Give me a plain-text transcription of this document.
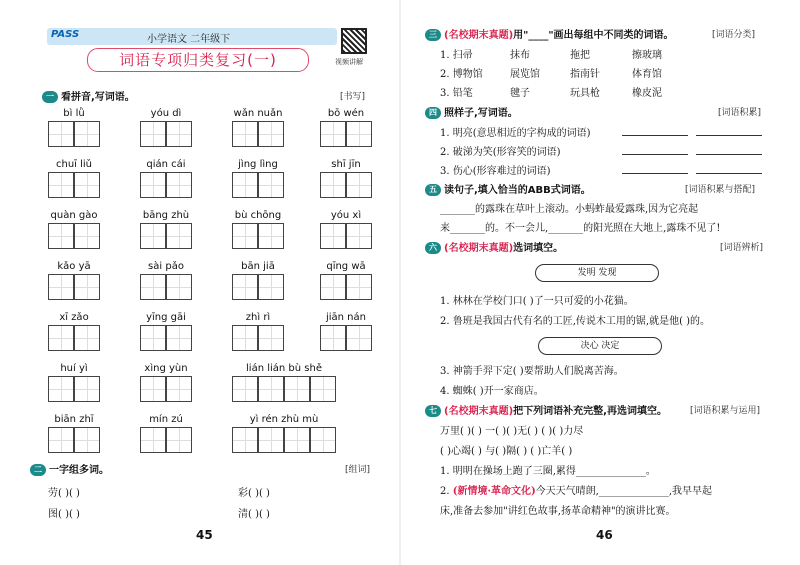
PASS	小学语文 二年级下
视频讲解
词语专项归类复习(一)
一 看拼音,写词语。	[书写]
二 一字组多词。	[组词]
劳( )( )	彩( )( )
图( )( )	清( )( )
45
bì lǜ	yóu dì	wǎn nuǎn	bō wén
chuī liǔ	qián cái	jìng lìng	shī jīn
quàn gào	bāng zhù	bù chōng	yóu xì
kǎo yā	sài pǎo	bān jiā	qīng wā
xī zǎo	yīng gāi	zhì rì	jiān nán
huí yì	xìng yùn	lián lián bù shě
biān zhī	mín zú	yì rén zhù mù
三 (名校期末真题)用"____"画出每组中不同类的词语。	[词语分类]
四 照样子,写词语。	[词语积累]
1. 明亮(意思相近的字构成的词语)
2. 破涕为笑(形容笑的词语)
3. 伤心(形容难过的词语)
五 读句子,填入恰当的ABB式词语。	[词语积累与搭配]
_______的露珠在草叶上滚动。小蚂蚱最爱露珠,因为它亮起
来_______的。不一会儿,_______的阳光照在大地上,露珠不见了!
六 (名校期末真题)选词填空。	[词语辨析]
发明 发现
1. 林林在学校门口( )了一只可爱的小花猫。
2. 鲁班是我国古代有名的工匠,传说木工用的锯,就是他( )的。
决心 决定
3. 神箭手羿下定( )要帮助人们脱离苦海。
4. 蜘蛛( )开一家商店。
七 (名校期末真题)把下列词语补充完整,再选词填空。	[词语积累与运用]
万里( )( ) 一( )( )无( ) ( )( )力尽
( )心竭( ) 与( )隔( ) ( )亡羊( )
1. 明明在操场上跑了三圈,累得______________。
2. (新情境·革命文化)今天天气晴朗,______________,我早早起
床,准备去参加"讲红色故事,扬革命精神"的演讲比赛。
46
1. 扫帚	抹布	拖把	擦玻璃
2. 博物馆	展览馆	指南针	体育馆
3. 铅笔	毽子	玩具枪	橡皮泥
